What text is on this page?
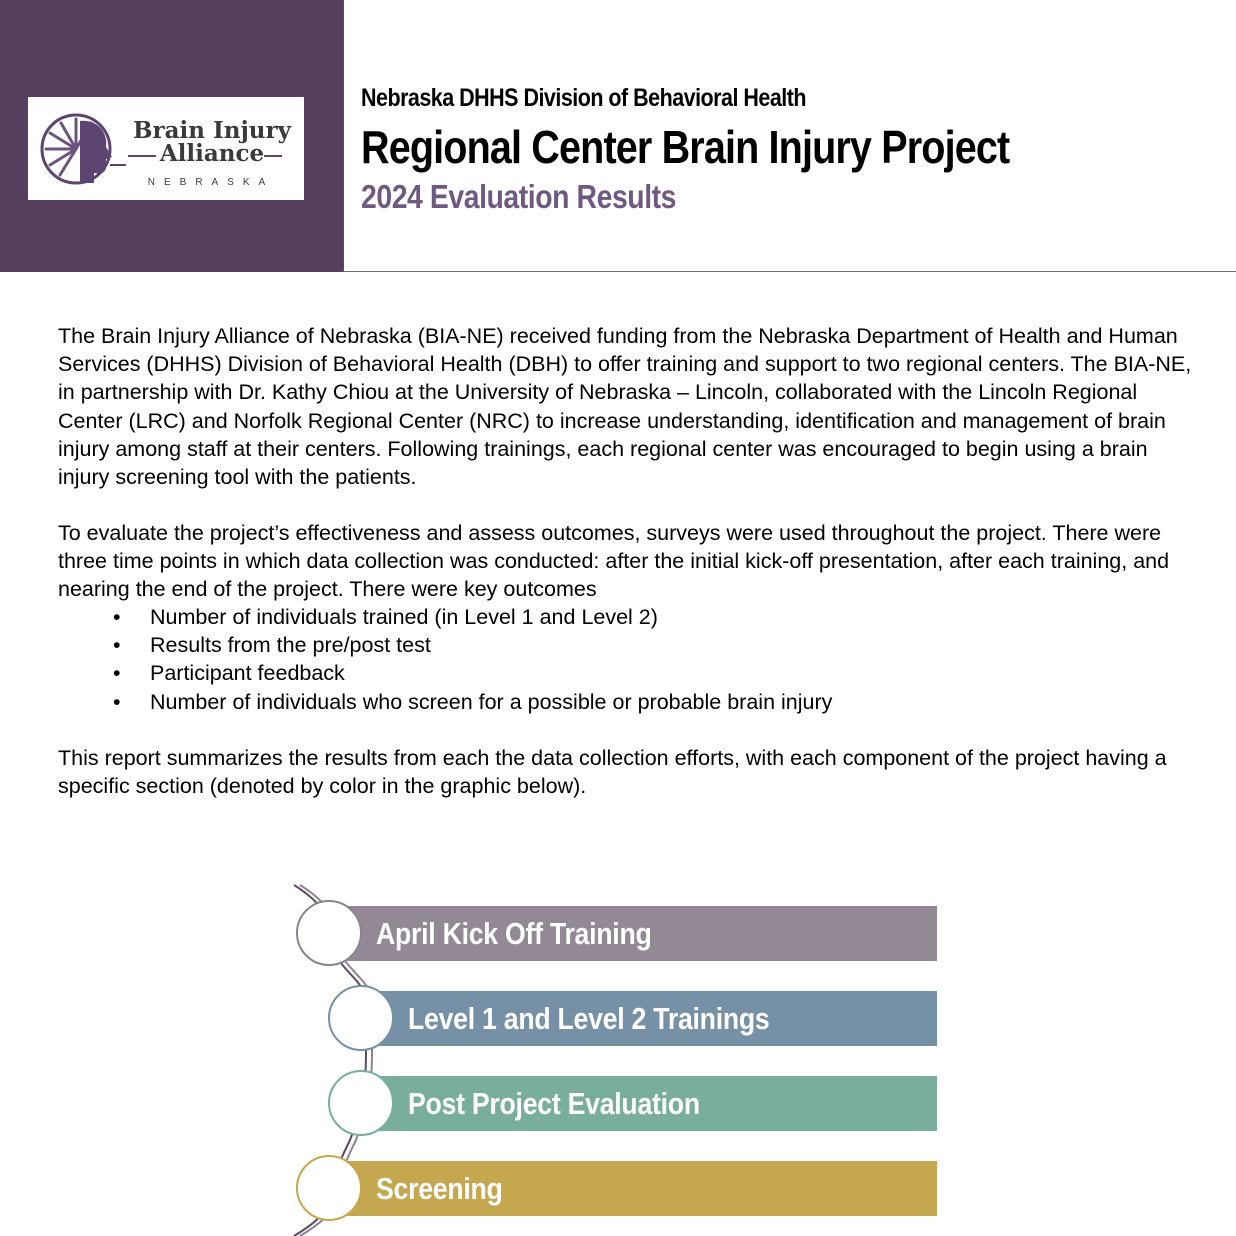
Brain Injury
Alliance
NEBRASKA
Nebraska DHHS Division of Behavioral Health
Regional Center Brain Injury Project
2024 Evaluation Results

The Brain Injury Alliance of Nebraska (BIA-NE) received funding from the Nebraska Department of Health and Human Services (DHHS) Division of Behavioral Health (DBH) to offer training and support to two regional centers. The BIA-NE, in partnership with Dr. Kathy Chiou at the University of Nebraska – Lincoln, collaborated with the Lincoln Regional Center (LRC) and Norfolk Regional Center (NRC) to increase understanding, identification and management of brain injury among staff at their centers. Following trainings, each regional center was encouraged to begin using a brain injury screening tool with the patients.

To evaluate the project’s effectiveness and assess outcomes, surveys were used throughout the project. There were three time points in which data collection was conducted: after the initial kick-off presentation, after each training, and nearing the end of the project. There were key outcomes

• Number of individuals trained (in Level 1 and Level 2)
• Results from the pre/post test
• Participant feedback
• Number of individuals who screen for a possible or probable brain injury

This report summarizes the results from each the data collection efforts, with each component of the project having a specific section (denoted by color in the graphic below).

April Kick Off Training
Level 1 and Level 2 Trainings
Post Project Evaluation
Screening
